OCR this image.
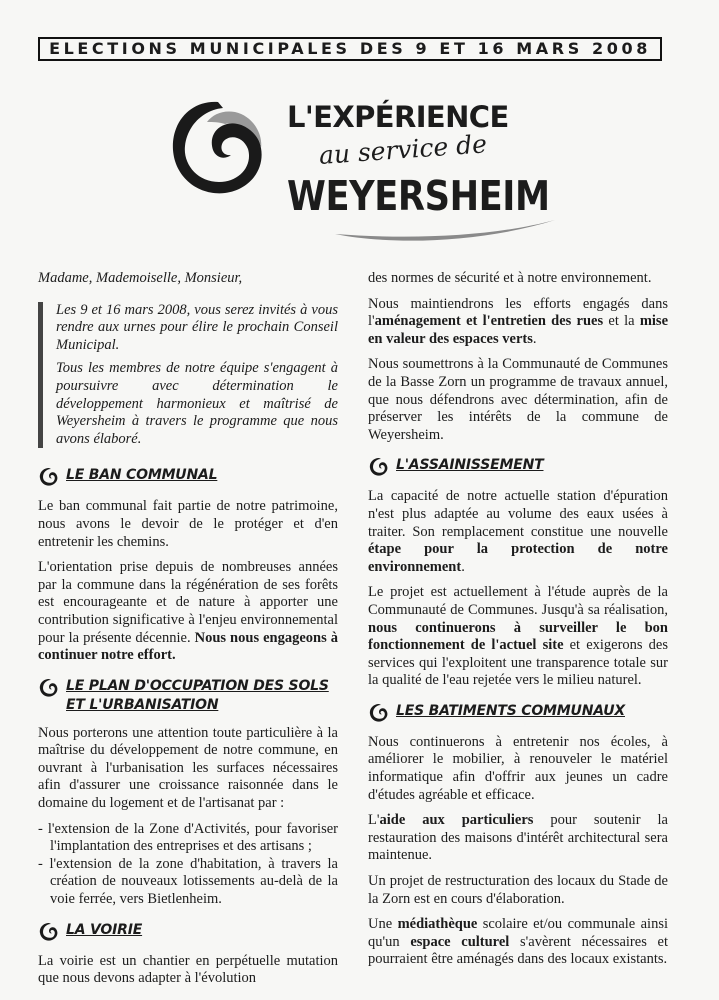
ELECTIONS MUNICIPALES DES 9 ET 16 MARS 2008
L'EXPÉRIENCE
au service de
WEYERSHEIM

Madame, Mademoiselle, Monsieur,

Les 9 et 16 mars 2008, vous serez invités à vous rendre aux urnes pour élire le prochain Conseil Municipal.

Tous les membres de notre équipe s'engagent à poursuivre avec détermination le développement harmonieux et maîtrisé de Weyersheim à travers le programme que nous avons élaboré.

LE BAN COMMUNAL

Le ban communal fait partie de notre patrimoine, nous avons le devoir de le protéger et d'en entretenir les chemins.

L'orientation prise depuis de nombreuses années par la commune dans la régénération de ses forêts est encourageante et de nature à apporter une contribution significative à l'enjeu environnemental pour la présente décennie. Nous nous engageons à continuer notre effort.

LE PLAN D'OCCUPATION DES SOLS ET L'URBANISATION

Nous porterons une attention toute particulière à la maîtrise du développement de notre commune, en ouvrant à l'urbanisation les surfaces nécessaires afin d'assurer une croissance raisonnée dans le domaine du logement et de l'artisanat par :

- l'extension de la Zone d'Activités, pour favoriser l'implantation des entreprises et des artisans ;
- l'extension de la zone d'habitation, à travers la création de nouveaux lotissements au-delà de la voie ferrée, vers Bietlenheim.
LA VOIRIE

La voirie est un chantier en perpétuelle mutation que nous devons adapter à l'évolution

des normes de sécurité et à notre environnement.

Nous maintiendrons les efforts engagés dans l'aménagement et l'entretien des rues et la mise en valeur des espaces verts.

Nous soumettrons à la Communauté de Communes de la Basse Zorn un programme de travaux annuel, que nous défendrons avec détermination, afin de préserver les intérêts de la commune de Weyersheim.

L'ASSAINISSEMENT

La capacité de notre actuelle station d'épuration n'est plus adaptée au volume des eaux usées à traiter. Son remplacement constitue une nouvelle étape pour la protection de notre environnement.

Le projet est actuellement à l'étude auprès de la Communauté de Communes. Jusqu'à sa réalisation, nous continuerons à surveiller le bon fonctionnement de l'actuel site et exigerons des services qui l'exploitent une transparence totale sur la qualité de l'eau rejetée vers le milieu naturel.

LES BATIMENTS COMMUNAUX

Nous continuerons à entretenir nos écoles, à améliorer le mobilier, à renouveler le matériel informatique afin d'offrir aux jeunes un cadre d'études agréable et efficace.

L'aide aux particuliers pour soutenir la restauration des maisons d'intérêt architectural sera maintenue.

Un projet de restructuration des locaux du Stade de la Zorn est en cours d'élaboration.

Une médiathèque scolaire et/ou communale ainsi qu'un espace culturel s'avèrent nécessaires et pourraient être aménagés dans des locaux existants.
